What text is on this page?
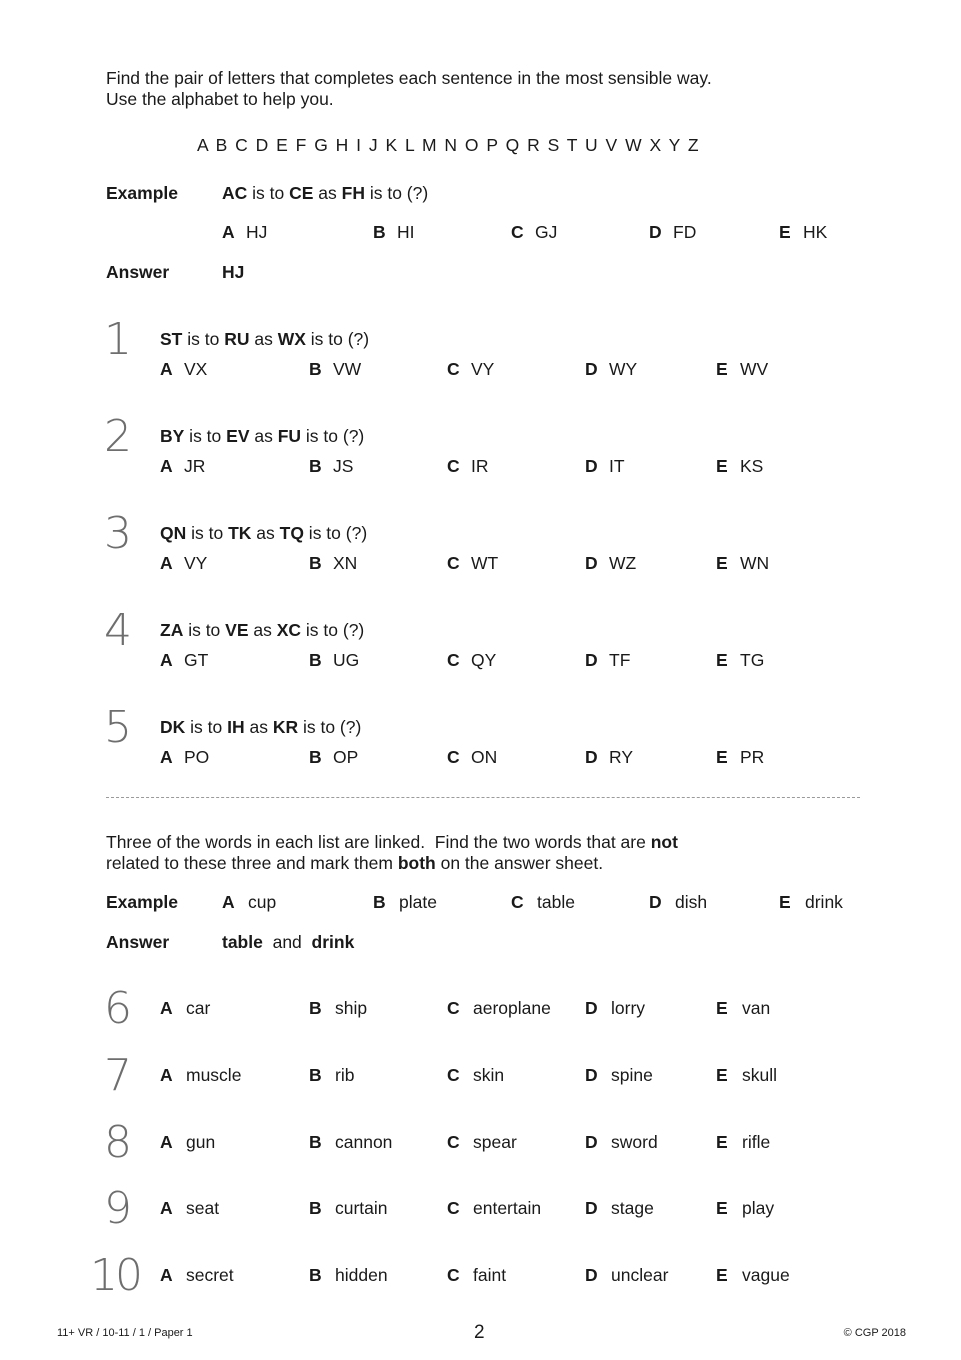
Find the pair of letters that completes each sentence in the most sensible way.
Use the alphabet to help you.
A B C D E F G H I J K L M N O P Q R S T U V W X Y Z
Example	AC is to CE as FH is to (?)
A HJ	B HI	C GJ	D FD	E HK
Answer	HJ
1	ST is to RU as WX is to (?)
A VX	B VW	C VY	D WY	E WV
2	BY is to EV as FU is to (?)
A JR	B JS	C IR	D IT	E KS
3	QN is to TK as TQ is to (?)
A VY	B XN	C WT	D WZ	E WN
4	ZA is to VE as XC is to (?)
A GT	B UG	C QY	D TF	E TG
5	DK is to IH as KR is to (?)
A PO	B OP	C ON	D RY	E PR
Three of the words in each list are linked.  Find the two words that are not
related to these three and mark them both on the answer sheet.
Example	A cup	B plate	C table	D dish	E drink
Answer	table and drink
6	A car	B ship	C aeroplane D lorry	E van
7	A muscle	B rib	C skin	D spine	E skull
8	A gun	B cannon	C spear	D sword	E rifle
9	A seat	B curtain	C entertain	D stage	E play
10 A secret	B hidden	C faint	D unclear	E vague
11+ VR / 10-11 / 1 / Paper 1	2	© CGP 2018
